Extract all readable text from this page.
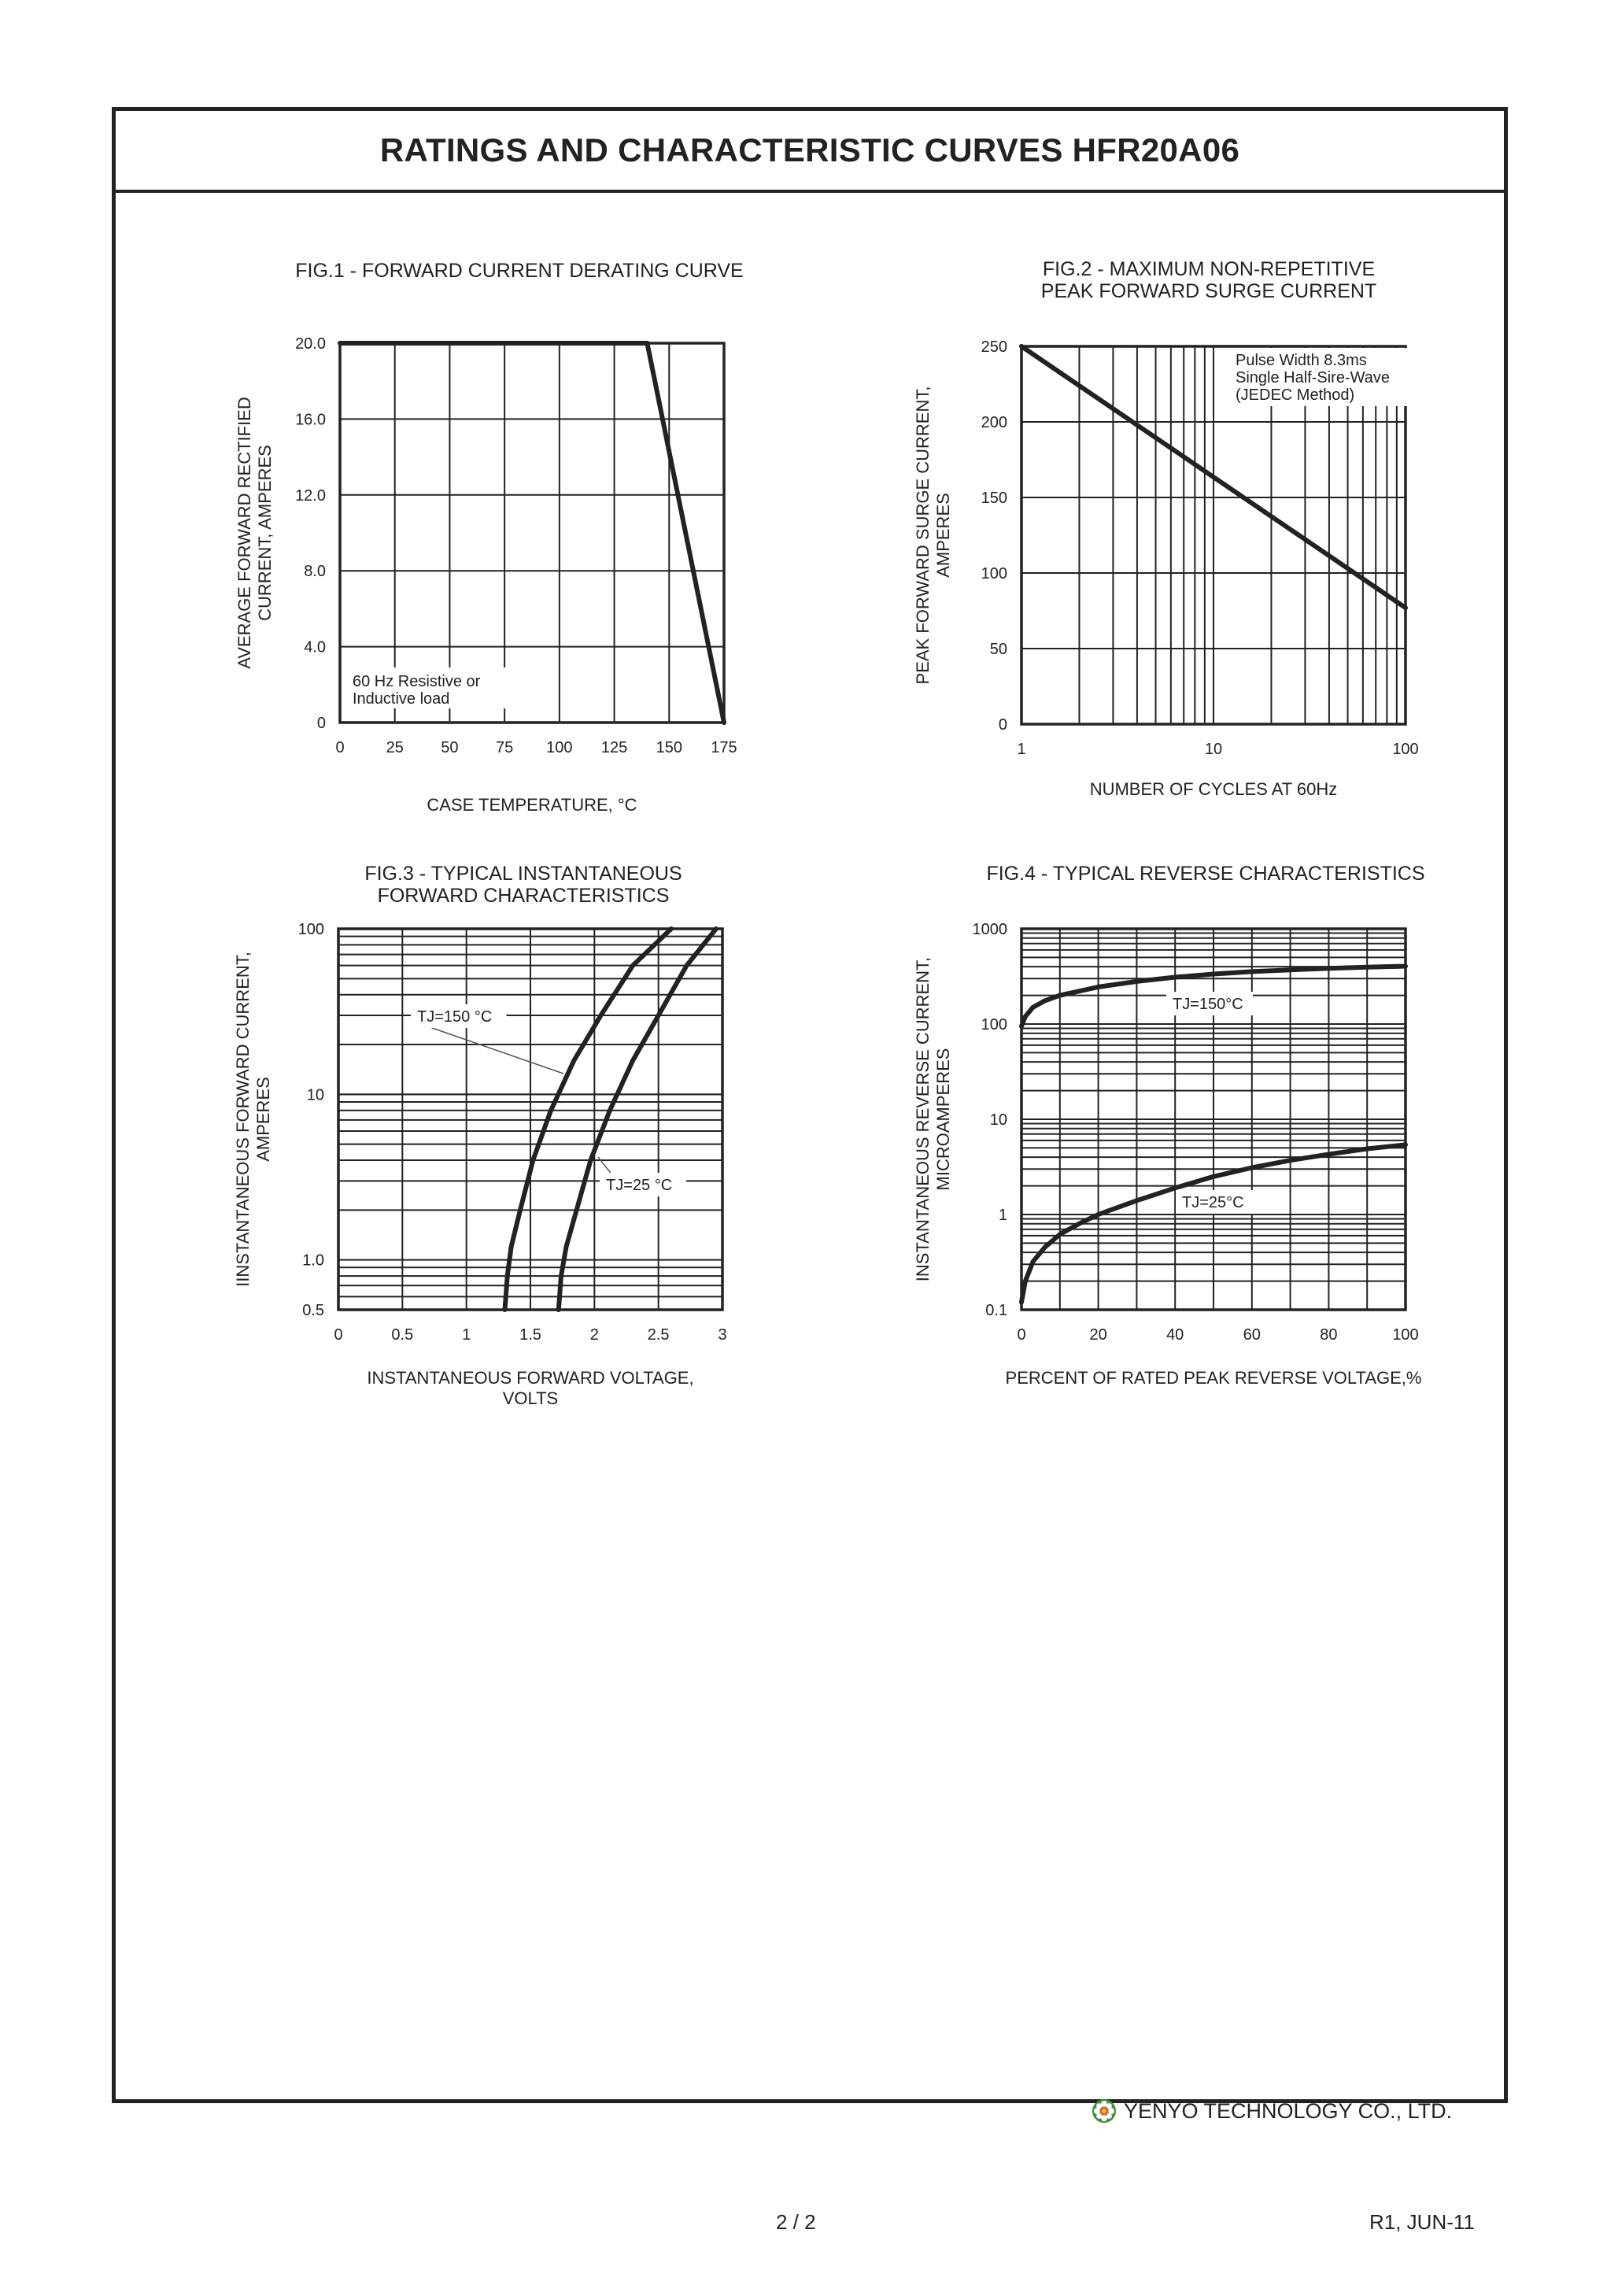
RATINGS AND CHARACTERISTIC CURVES HFR20A06
FIG.1 - FORWARD CURRENT DERATING CURVE
0	25 50 75 100 125 150 175
0
4.0
8.0
12.0
16.0
20.0
CASE TEMPERATURE, °C
AVERAGE FORWARD RECTIFIED CURRENT, AMPERES
60 Hz Resistive or
Inductive load
FIG.2 - MAXIMUM NON-REPETITIVE
PEAK FORWARD SURGE CURRENT
1	10	100
0
50
100
150
200
250
NUMBER OF CYCLES AT 60Hz
PEAK FORWARD SURGE CURRENT, AMPERES
Pulse Width 8.3ms
Single Half-Sire-Wave
(JEDEC Method)
FIG.3 - TYPICAL INSTANTANEOUS
FORWARD CHARACTERISTICS
0	0.5	1	1.5	2	2.5	3
0.5
1.0
10
100
INSTANTANEOUS FORWARD VOLTAGE,
VOLTS
IINSTANTANEOUS FORWARD CURRENT, AMPERES
TJ=150 °C
TJ=25 °C
FIG.4 - TYPICAL REVERSE CHARACTERISTICS
0	20	40	60	80	100
0.1
1
10
100
1000
PERCENT OF RATED PEAK REVERSE VOLTAGE,%
INSTANTANEOUS REVERSE CURRENT, MICROAMPERES
TJ=150°C
TJ=25°C
YENYO TECHNOLOGY CO., LTD.
2 / 2	R1, JUN-11
